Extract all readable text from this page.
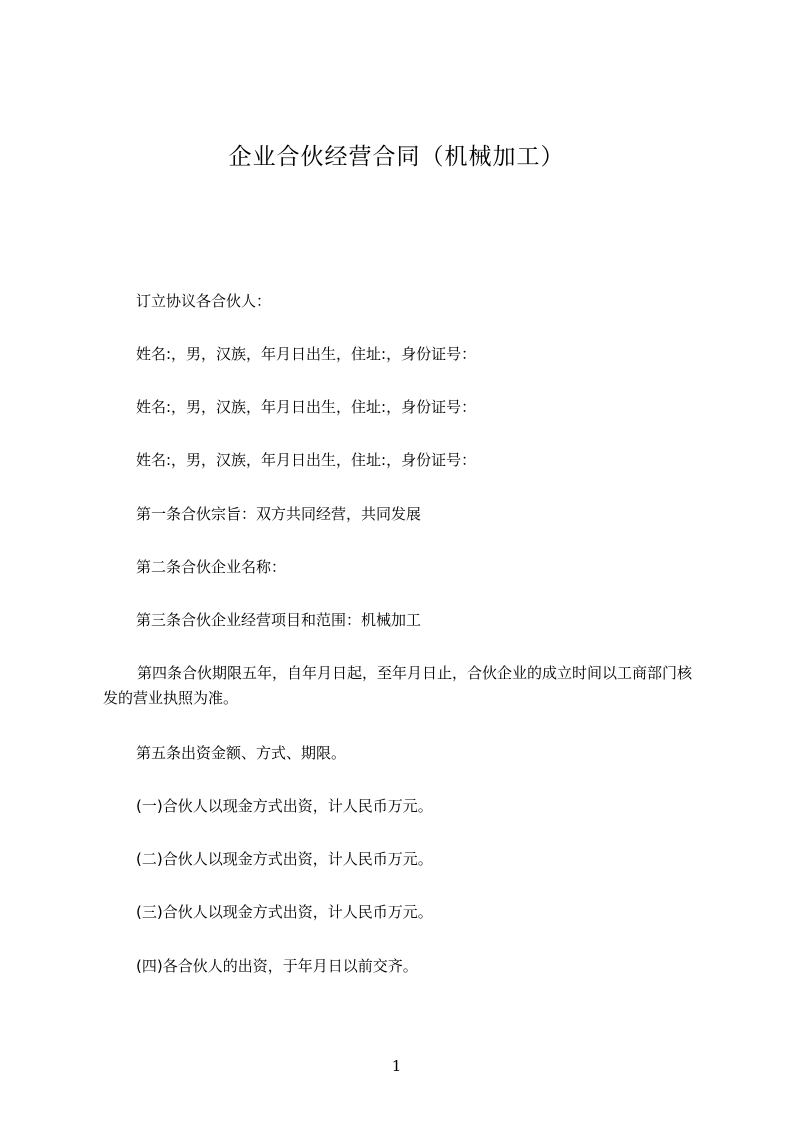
企业合伙经营合同（机械加工）

订立协议各合伙人：

姓名:，男，汉族，年月日出生，住址:，身份证号：

姓名:，男，汉族，年月日出生，住址:，身份证号：

姓名:，男，汉族，年月日出生，住址:，身份证号：

第一条合伙宗旨：双方共同经营，共同发展

第二条合伙企业名称：

第三条合伙企业经营项目和范围：机械加工

第四条合伙期限五年，自年月日起，至年月日止，合伙企业的成立时间以工商部门核发的营业执照为准。

第五条出资金额、方式、期限。

(一)合伙人以现金方式出资，计人民币万元。

(二)合伙人以现金方式出资，计人民币万元。

(三)合伙人以现金方式出资，计人民币万元。

(四)各合伙人的出资，于年月日以前交齐。

1
